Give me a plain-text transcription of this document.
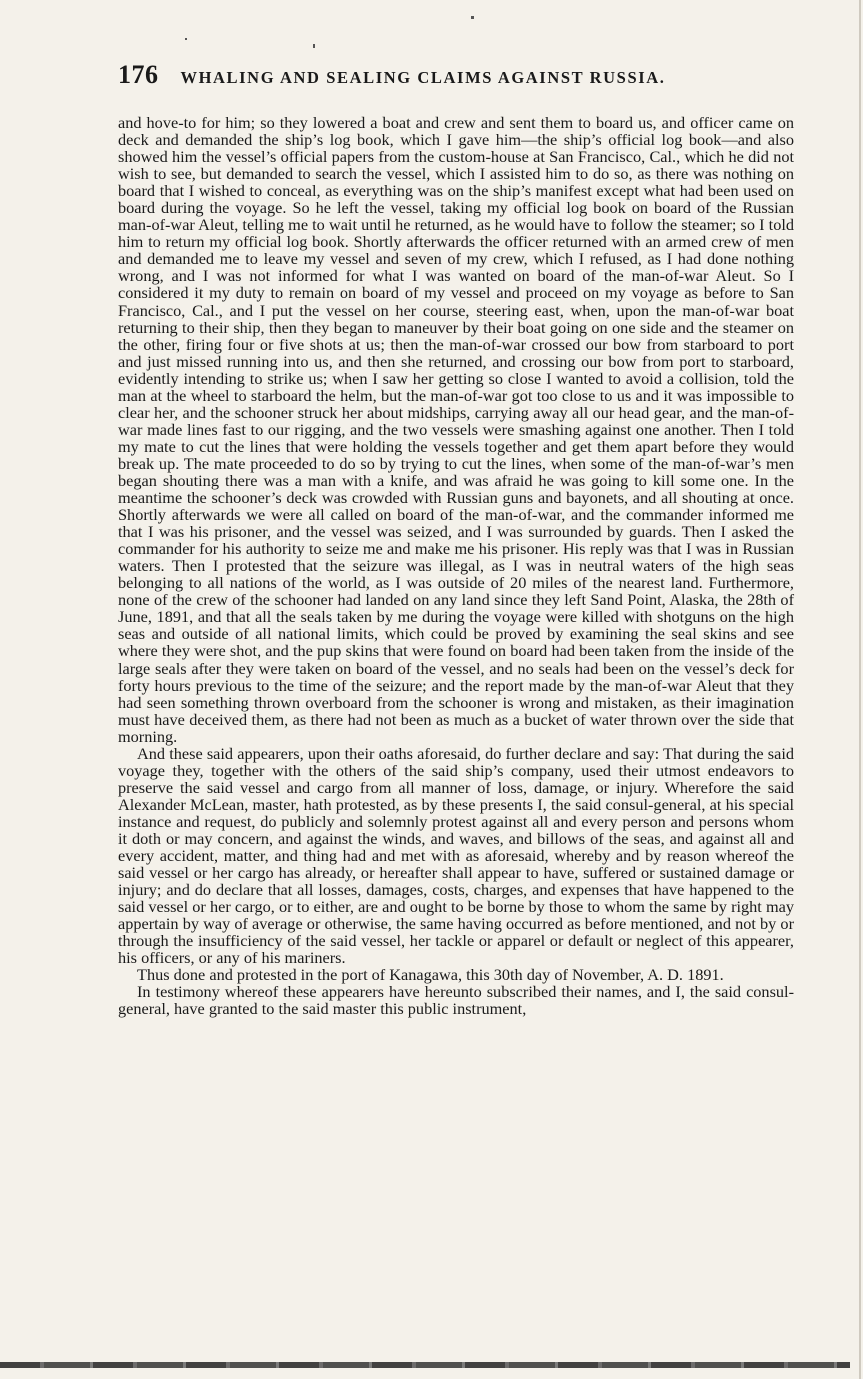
176 WHALING AND SEALING CLAIMS AGAINST RUSSIA.

and hove-to for him; so they lowered a boat and crew and sent them to board us, and officer came on deck and demanded the ship’s log book, which I gave him—the ship’s official log book—and also showed him the vessel’s official papers from the custom-house at San Francisco, Cal., which he did not wish to see, but demanded to search the vessel, which I assisted him to do so, as there was nothing on board that I wished to conceal, as everything was on the ship’s manifest except what had been used on board during the voyage. So he left the vessel, taking my official log book on board of the Russian man-of-war Aleut, telling me to wait until he returned, as he would have to follow the steamer; so I told him to return my official log book. Shortly afterwards the officer returned with an armed crew of men and demanded me to leave my vessel and seven of my crew, which I refused, as I had done nothing wrong, and I was not informed for what I was wanted on board of the man-of-war Aleut. So I considered it my duty to remain on board of my vessel and proceed on my voyage as before to San Francisco, Cal., and I put the vessel on her course, steering east, when, upon the man-of-war boat returning to their ship, then they began to maneuver by their boat going on one side and the steamer on the other, firing four or five shots at us; then the man-of-war crossed our bow from starboard to port and just missed running into us, and then she returned, and crossing our bow from port to starboard, evidently intending to strike us; when I saw her getting so close I wanted to avoid a collision, told the man at the wheel to starboard the helm, but the man-of-war got too close to us and it was impossible to clear her, and the schooner struck her about midships, carrying away all our head gear, and the man-of-war made lines fast to our rigging, and the two vessels were smashing against one another. Then I told my mate to cut the lines that were holding the vessels together and get them apart before they would break up. The mate proceeded to do so by trying to cut the lines, when some of the man-of-war’s men began shouting there was a man with a knife, and was afraid he was going to kill some one. In the meantime the schooner’s deck was crowded with Russian guns and bayonets, and all shouting at once. Shortly afterwards we were all called on board of the man-of-war, and the commander informed me that I was his prisoner, and the vessel was seized, and I was surrounded by guards. Then I asked the commander for his authority to seize me and make me his prisoner. His reply was that I was in Russian waters. Then I protested that the seizure was illegal, as I was in neutral waters of the high seas belonging to all nations of the world, as I was outside of 20 miles of the nearest land. Furthermore, none of the crew of the schooner had landed on any land since they left Sand Point, Alaska, the 28th of June, 1891, and that all the seals taken by me during the voyage were killed with shotguns on the high seas and outside of all national limits, which could be proved by examining the seal skins and see where they were shot, and the pup skins that were found on board had been taken from the inside of the large seals after they were taken on board of the vessel, and no seals had been on the vessel’s deck for forty hours previous to the time of the seizure; and the report made by the man-of-war Aleut that they had seen something thrown overboard from the schooner is wrong and mistaken, as their imagination must have deceived them, as there had not been as much as a bucket of water thrown over the side that morning.

And these said appearers, upon their oaths aforesaid, do further declare and say: That during the said voyage they, together with the others of the said ship’s company, used their utmost endeavors to preserve the said vessel and cargo from all manner of loss, damage, or injury. Wherefore the said Alexander McLean, master, hath protested, as by these presents I, the said consul-general, at his special instance and request, do publicly and solemnly protest against all and every person and persons whom it doth or may concern, and against the winds, and waves, and billows of the seas, and against all and every accident, matter, and thing had and met with as aforesaid, whereby and by reason whereof the said vessel or her cargo has already, or hereafter shall appear to have, suffered or sustained damage or injury; and do declare that all losses, damages, costs, charges, and expenses that have happened to the said vessel or her cargo, or to either, are and ought to be borne by those to whom the same by right may appertain by way of average or otherwise, the same having occurred as before mentioned, and not by or through the insufficiency of the said vessel, her tackle or apparel or default or neglect of this appearer, his officers, or any of his mariners.

Thus done and protested in the port of Kanagawa, this 30th day of November, A. D. 1891.

In testimony whereof these appearers have hereunto subscribed their names, and I, the said consul-general, have granted to the said master this public instrument,
